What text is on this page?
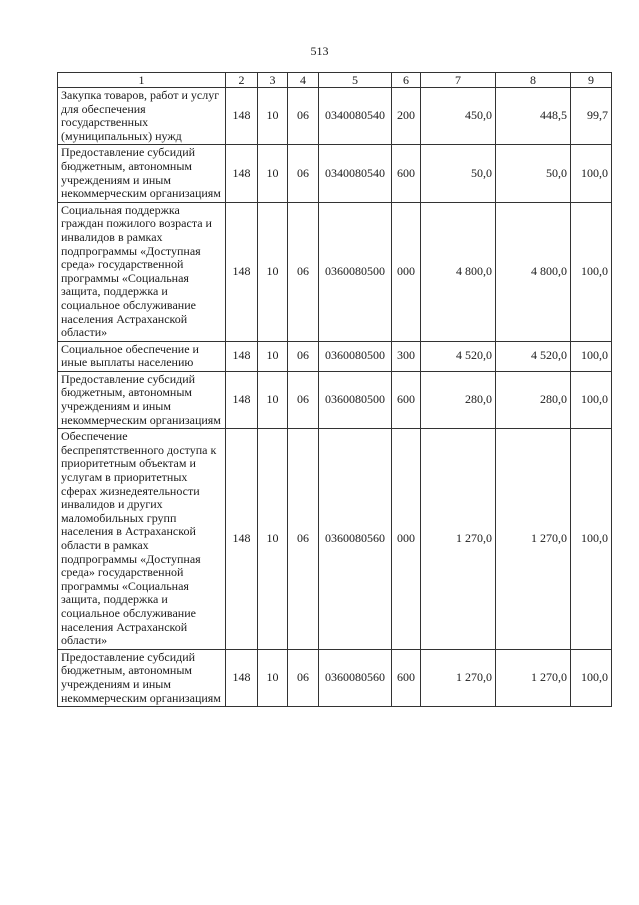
513
1	2	3	4	5	6	7	8	9
Закупка товаров, работ и услуг для обеспечения государственных (муниципальных) нужд	148	10	06	0340080540	200	450,0	448,5	99,7
Предоставление субсидий бюджетным, автономным учреждениям и иным некоммерческим организациям	148	10	06	0340080540	600	50,0	50,0	100,0
Социальная поддержка граждан пожилого возраста и инвалидов в рамках подпрограммы «Доступная среда» государственной программы «Социальная защита, поддержка и социальное обслуживание населения Астраханской области»	148	10	06	0360080500	000	4 800,0	4 800,0	100,0
Социальное обеспечение и иные выплаты населению	148	10	06	0360080500	300	4 520,0	4 520,0	100,0
Предоставление субсидий бюджетным, автономным учреждениям и иным некоммерческим организациям	148	10	06	0360080500	600	280,0	280,0	100,0
Обеспечение беспрепятственного доступа к приоритетным объектам и услугам в приоритетных сферах жизнедеятельности инвалидов и других маломобильных групп населения в Астраханской области в рамках подпрограммы «Доступная среда» государственной программы «Социальная защита, поддержка и социальное обслуживание населения Астраханской области»	148	10	06	0360080560	000	1 270,0	1 270,0	100,0
Предоставление субсидий бюджетным, автономным учреждениям и иным некоммерческим организациям	148	10	06	0360080560	600	1 270,0	1 270,0	100,0
